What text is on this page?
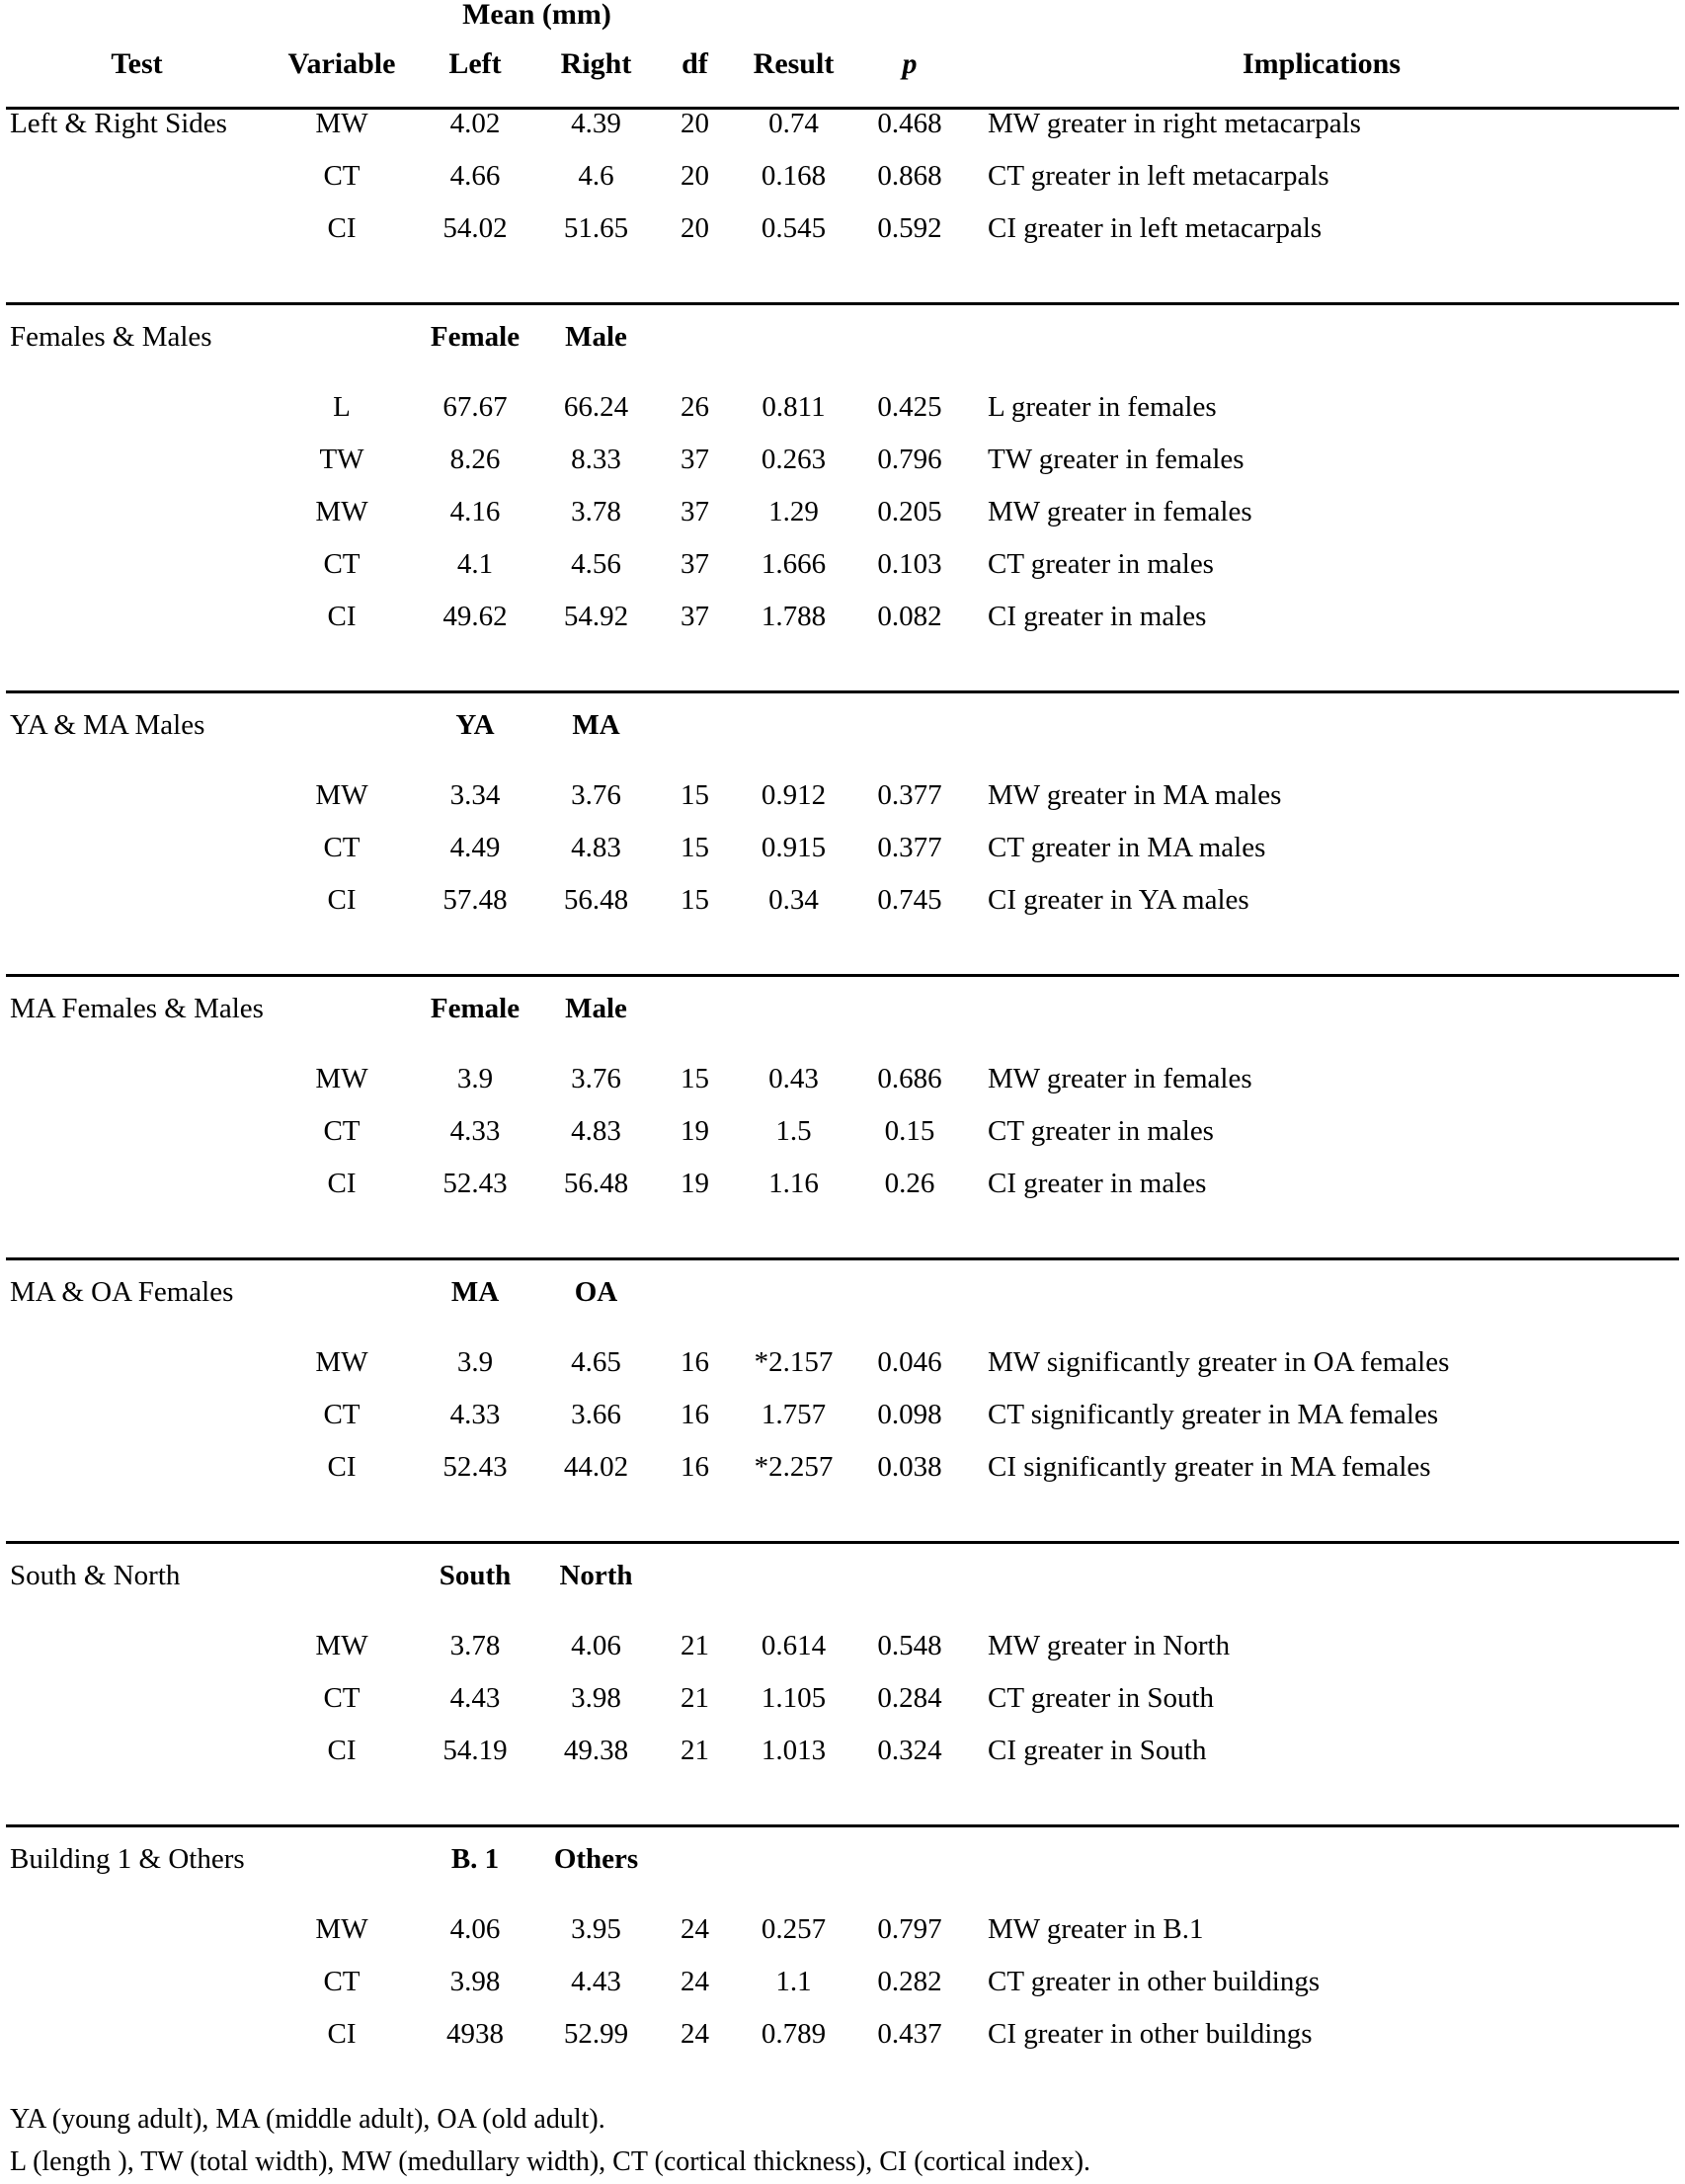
		Mean (mm)					

Test	Variable	Left	Right	df	Result	p	Implications

Left & Right Sides	MW	4.02	4.39	20	0.74	0.468	MW greater in right metacarpals
	CT	4.66	4.6	20	0.168	0.868	CT greater in left metacarpals
	CI	54.02	51.65	20	0.545	0.592	CI greater in left metacarpals

Females & Males		Female	Male				

	L	67.67	66.24	26	0.811	0.425	L greater in females
	TW	8.26	8.33	37	0.263	0.796	TW greater in females
	MW	4.16	3.78	37	1.29	0.205	MW greater in females
	CT	4.1	4.56	37	1.666	0.103	CT greater in males
	CI	49.62	54.92	37	1.788	0.082	CI greater in males

YA & MA Males		YA	MA				

	MW	3.34	3.76	15	0.912	0.377	MW greater in MA males
	CT	4.49	4.83	15	0.915	0.377	CT greater in MA males
	CI	57.48	56.48	15	0.34	0.745	CI greater in YA males

MA Females & Males		Female	Male				

	MW	3.9	3.76	15	0.43	0.686	MW greater in females
	CT	4.33	4.83	19	1.5	0.15	CT greater in males
	CI	52.43	56.48	19	1.16	0.26	CI greater in males

MA & OA Females		MA	OA				

	MW	3.9	4.65	16	*2.157	0.046	MW significantly greater in OA females
	CT	4.33	3.66	16	1.757	0.098	CT significantly greater in MA females
	CI	52.43	44.02	16	*2.257	0.038	CI significantly greater in MA females

South & North		South	North				

	MW	3.78	4.06	21	0.614	0.548	MW greater in North
	CT	4.43	3.98	21	1.105	0.284	CT greater in South
	CI	54.19	49.38	21	1.013	0.324	CI greater in South

Building 1 & Others		B. 1	Others				

	MW	4.06	3.95	24	0.257	0.797	MW greater in B.1
	CT	3.98	4.43	24	1.1	0.282	CT greater in other buildings
	CI	4938	52.99	24	0.789	0.437	CI greater in other buildings
YA (young adult), MA (middle adult), OA (old adult).
L (length ), TW (total width), MW (medullary width), CT (cortical thickness), CI (cortical index).
